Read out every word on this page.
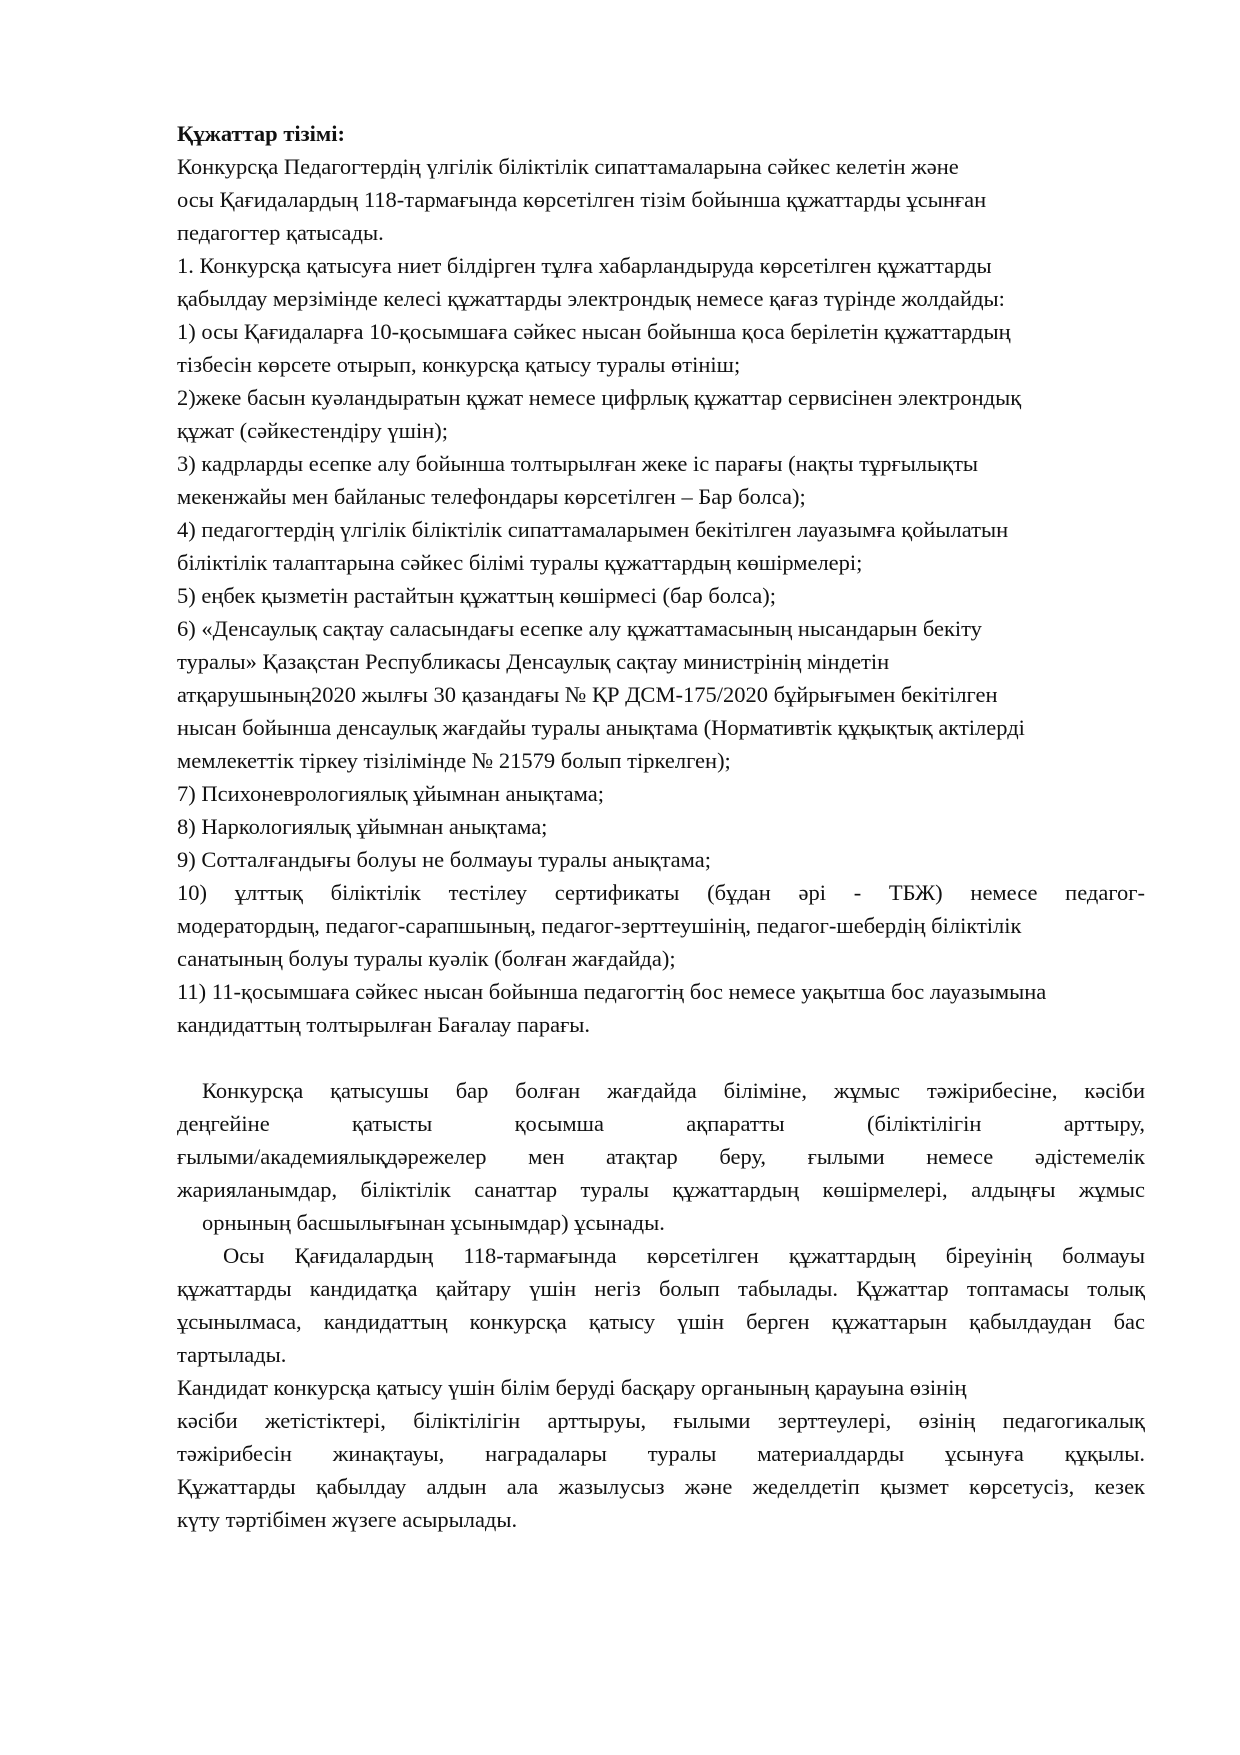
Құжаттар тізімі:
Конкурсқа Педагогтердің үлгілік біліктілік сипаттамаларына сәйкес келетін және
осы Қағидалардың 118-тармағында көрсетілген тізім бойынша құжаттарды ұсынған
педагогтер қатысады.
1. Конкурсқа қатысуға ниет білдірген тұлға хабарландыруда көрсетілген құжаттарды
қабылдау мерзімінде келесі құжаттарды электрондық немесе қағаз түрінде жолдайды:
1) осы Қағидаларға 10-қосымшаға сәйкес нысан бойынша қоса берілетін құжаттардың
тізбесін көрсете отырып, конкурсқа қатысу туралы өтініш;
2)жеке басын куәландыратын құжат немесе цифрлық құжаттар сервисінен электрондық
құжат (сәйкестендіру үшін);
3) кадрларды есепке алу бойынша толтырылған жеке іс парағы (нақты тұрғылықты
мекенжайы мен байланыс телефондары көрсетілген – Бар болса);
4) педагогтердің үлгілік біліктілік сипаттамаларымен бекітілген лауазымға қойылатын
біліктілік талаптарына сәйкес білімі туралы құжаттардың көшірмелері;
5) еңбек қызметін растайтын құжаттың көшірмесі (бар болса);
6) «Денсаулық сақтау саласындағы есепке алу құжаттамасының нысандарын бекіту
туралы» Қазақстан Республикасы Денсаулық сақтау министрінің міндетін
атқарушының2020 жылғы 30 қазандағы № ҚР ДСМ-175/2020 бұйрығымен бекітілген
нысан бойынша денсаулық жағдайы туралы анықтама (Нормативтік құқықтық актілерді
мемлекеттік тіркеу тізілімінде № 21579 болып тіркелген);
7) Психоневрологиялық ұйымнан анықтама;
8) Наркологиялық ұйымнан анықтама;
9) Сотталғандығы болуы не болмауы туралы анықтама;
10) ұлттық біліктілік тестілеу сертификаты (бұдан әрі - ТБЖ) немесе педагог-
модератордың, педагог-сарапшының, педагог-зерттеушінің, педагог-шебердің біліктілік
санатының болуы туралы куәлік (болған жағдайда);
11) 11-қосымшаға сәйкес нысан бойынша педагогтің бос немесе уақытша бос лауазымына
кандидаттың толтырылған Бағалау парағы.
Конкурсқа қатысушы бар болған жағдайда біліміне, жұмыс тәжірибесіне, кәсіби
деңгейіне қатысты қосымша ақпаратты (біліктілігін арттыру,
ғылыми/академиялықдәрежелер мен атақтар беру, ғылыми немесе әдістемелік
жарияланымдар, біліктілік санаттар туралы құжаттардың көшірмелері, алдыңғы жұмыс
орнының басшылығынан ұсынымдар) ұсынады.
Осы Қағидалардың 118-тармағында көрсетілген құжаттардың біреуінің болмауы
құжаттарды кандидатқа қайтару үшін негіз болып табылады. Құжаттар топтамасы толық
ұсынылмаса, кандидаттың конкурсқа қатысу үшін берген құжаттарын қабылдаудан бас
тартылады.
Кандидат конкурсқа қатысу үшін білім беруді басқару органының қарауына өзінің
кәсіби жетістіктері, біліктілігін арттыруы, ғылыми зерттеулері, өзінің педагогикалық
тәжірибесін жинақтауы, наградалары туралы материалдарды ұсынуға құқылы.
Құжаттарды қабылдау алдын ала жазылусыз және жеделдетіп қызмет көрсетусіз, кезек
күту тәртібімен жүзеге асырылады.
